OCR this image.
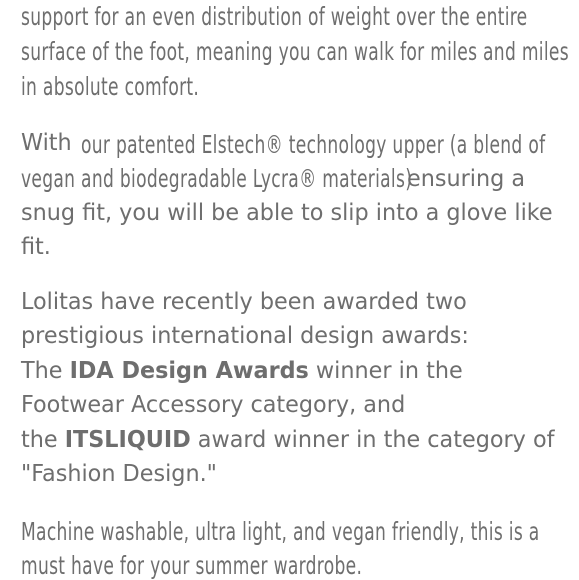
support for an even distribution of weight over the entire

surface of the foot, meaning you can walk for miles and miles

in absolute comfort.

With our patented Elstech® technology upper (a blend of
vegan and biodegradable Lycra® materials)
ensuring a

snug fit, you will be able to slip into a glove like

fit.

Lolitas have recently been awarded two

prestigious international design awards:

The IDA Design Awards winner in the

Footwear Accessory category, and

the ITSLIQUID award winner in the category of

"Fashion Design."

Machine washable, ultra light, and vegan friendly, this is a

must have for your summer wardrobe.
